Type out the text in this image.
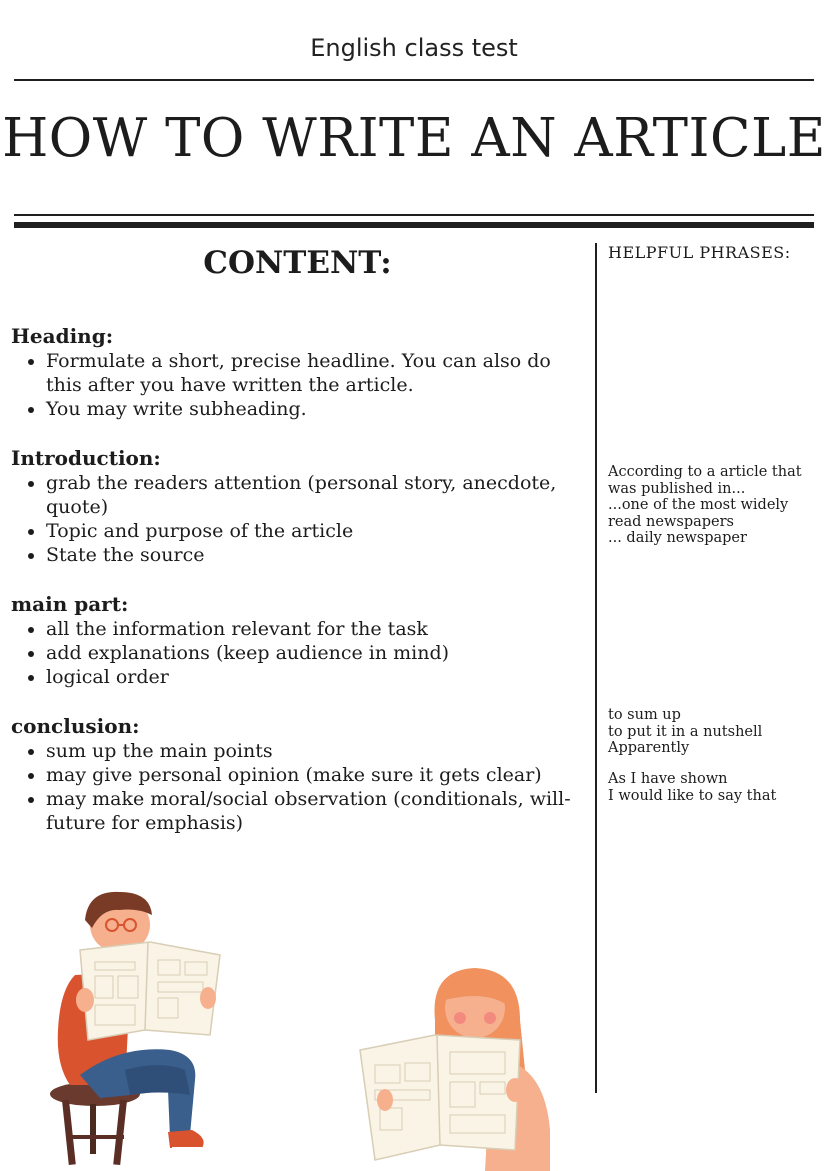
English class test
HOW TO WRITE AN ARTICLE
CONTENT:
Heading:
• Formulate a short, precise headline. You can also do this after you have written the article.
• You may write subheading.
Introduction:
• grab the readers attention (personal story, anecdote, quote)
• Topic and purpose of the article
• State the source
main part:
• all the information relevant for the task
• add explanations (keep audience in mind)
• logical order
conclusion:
• sum up the main points
• may give personal opinion (make sure it gets clear)
• may make moral/social observation (conditionals, will-future for emphasis)
HELPFUL PHRASES:
According to a article that
was published in...
...one of the most widely
read newspapers
... daily newspaper
to sum up
to put it in a nutshell
Apparently
As I have shown
I would like to say that
